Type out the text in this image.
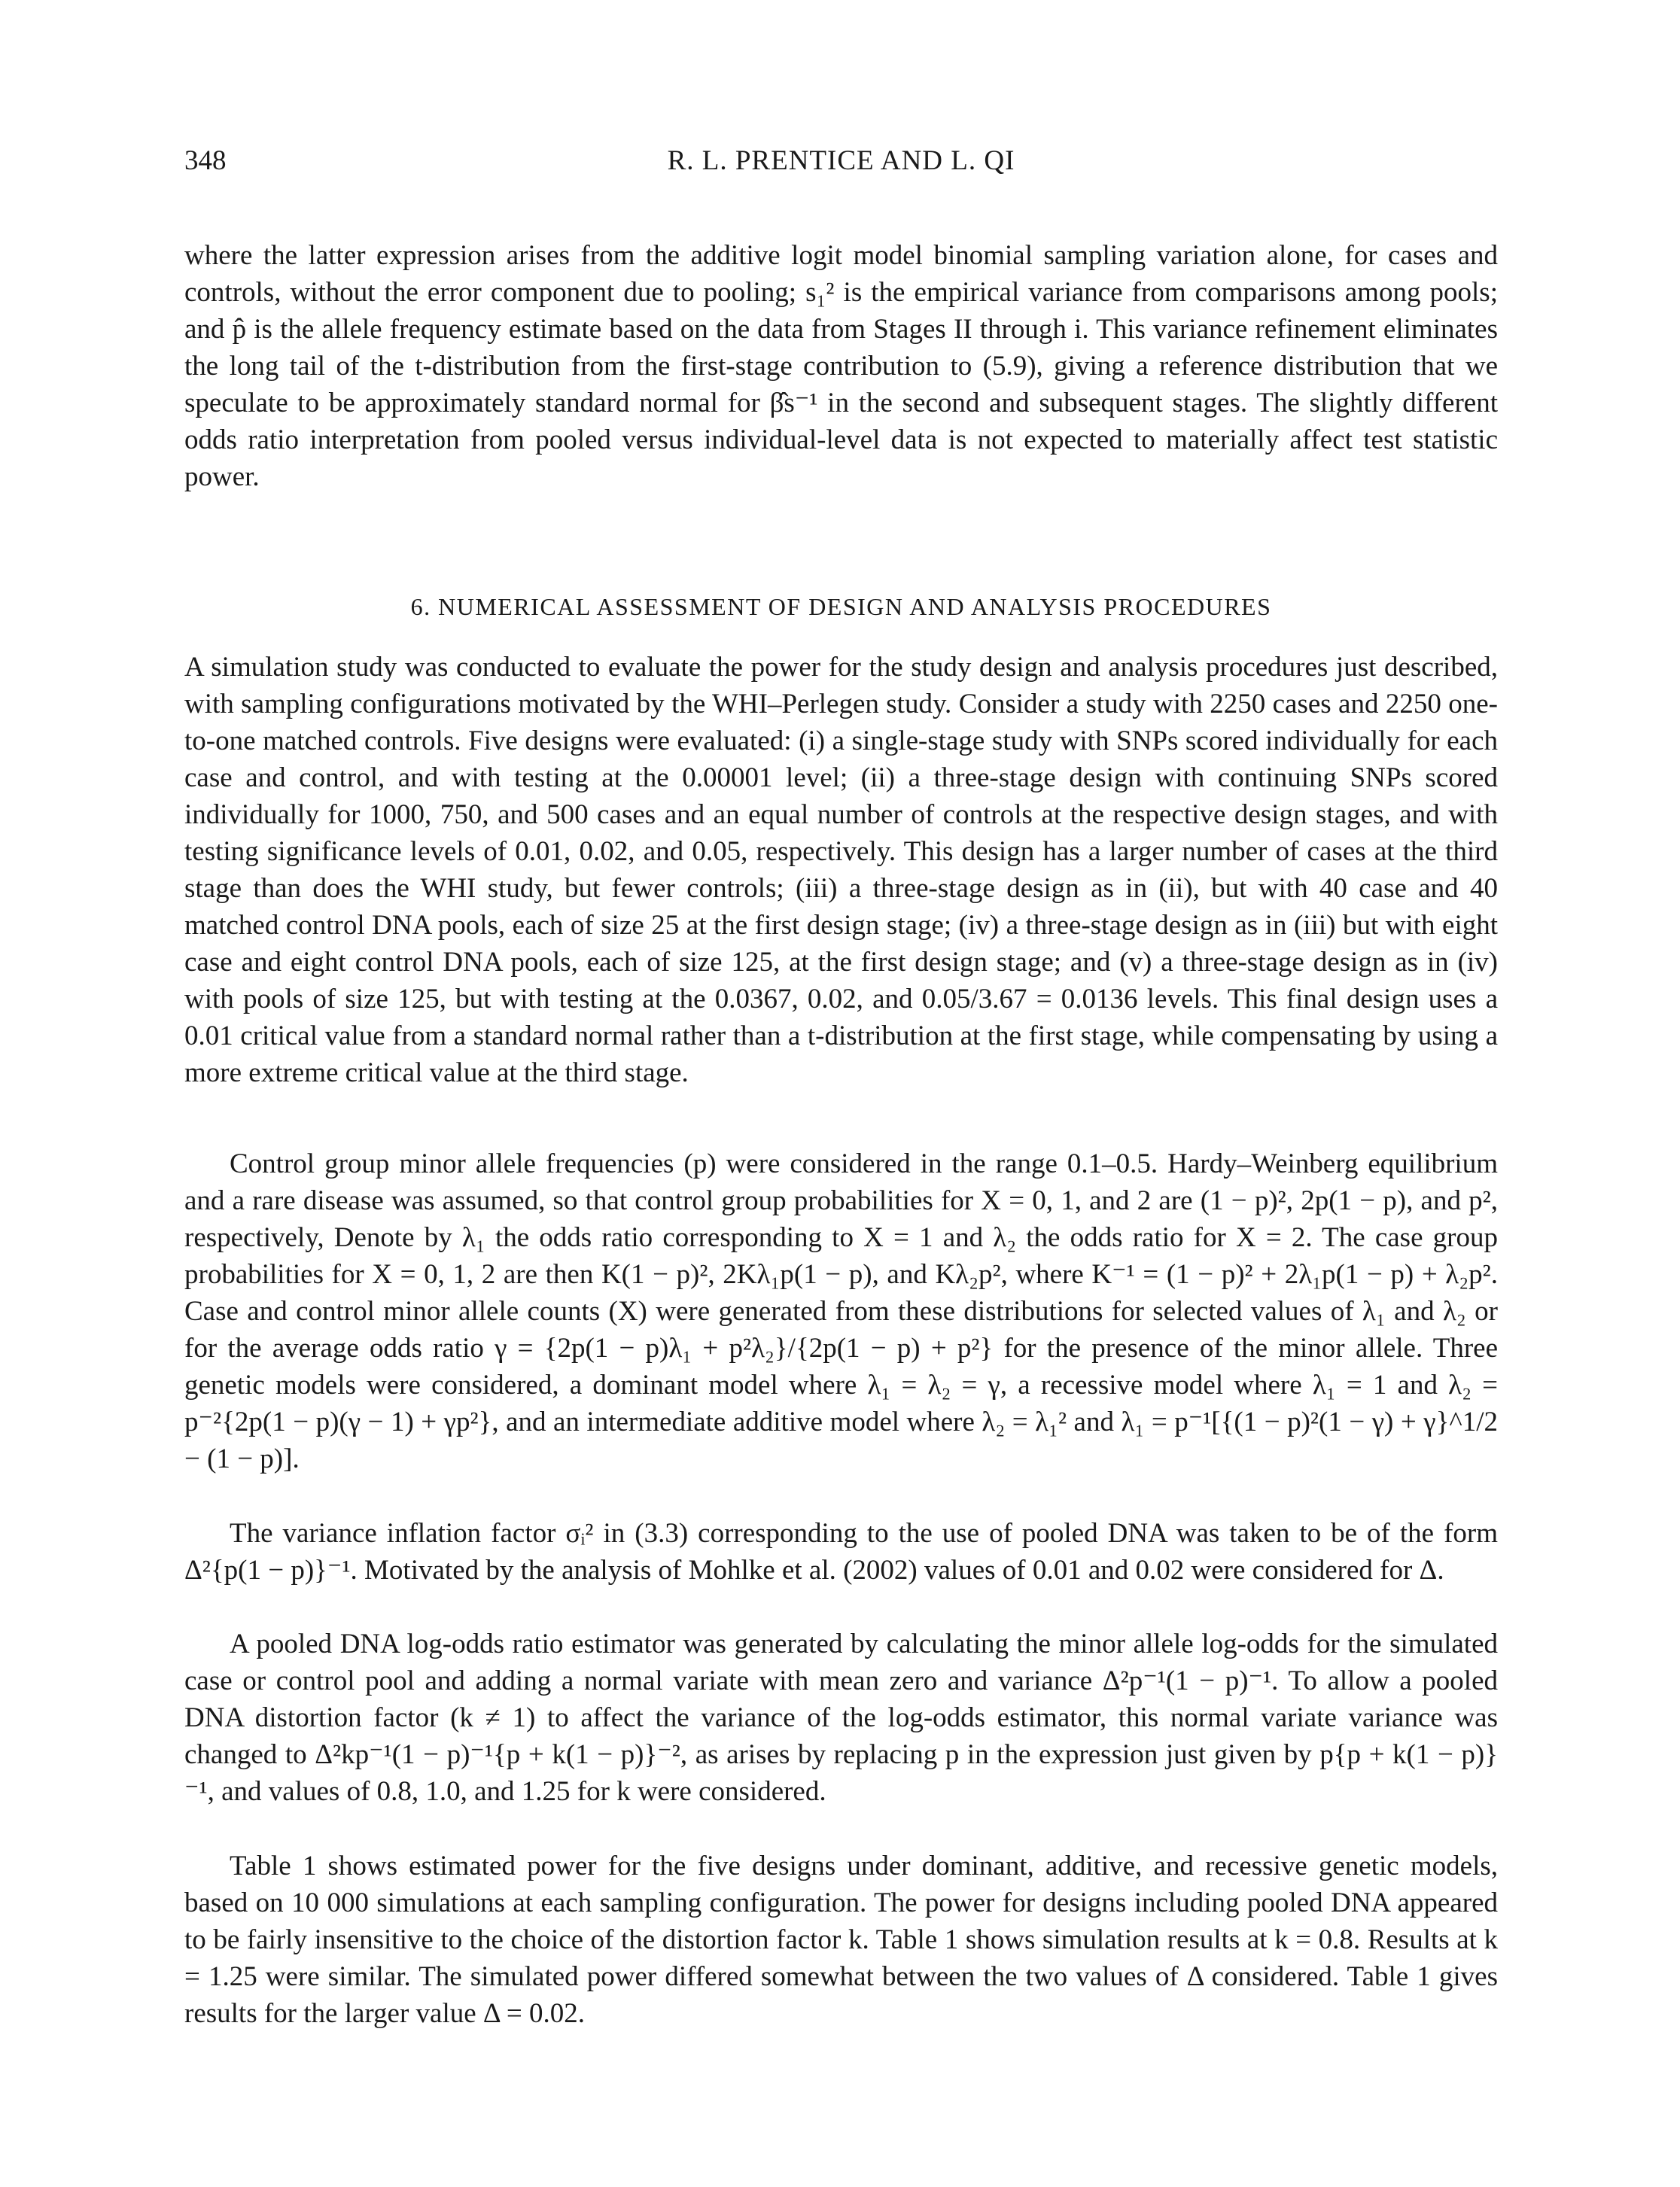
348	R. L. PRENTICE AND L. QI

where the latter expression arises from the additive logit model binomial sampling variation alone, for cases and controls, without the error component due to pooling; s₁² is the empirical variance from comparisons among pools; and p̂ is the allele frequency estimate based on the data from Stages II through i. This variance refinement eliminates the long tail of the t-distribution from the first-stage contribution to (5.9), giving a reference distribution that we speculate to be approximately standard normal for β̂s⁻¹ in the second and subsequent stages. The slightly different odds ratio interpretation from pooled versus individual-level data is not expected to materially affect test statistic power.

6. NUMERICAL ASSESSMENT OF DESIGN AND ANALYSIS PROCEDURES

A simulation study was conducted to evaluate the power for the study design and analysis procedures just described, with sampling configurations motivated by the WHI–Perlegen study. Consider a study with 2250 cases and 2250 one-to-one matched controls. Five designs were evaluated: (i) a single-stage study with SNPs scored individually for each case and control, and with testing at the 0.00001 level; (ii) a three-stage design with continuing SNPs scored individually for 1000, 750, and 500 cases and an equal number of controls at the respective design stages, and with testing significance levels of 0.01, 0.02, and 0.05, respectively. This design has a larger number of cases at the third stage than does the WHI study, but fewer controls; (iii) a three-stage design as in (ii), but with 40 case and 40 matched control DNA pools, each of size 25 at the first design stage; (iv) a three-stage design as in (iii) but with eight case and eight control DNA pools, each of size 125, at the first design stage; and (v) a three-stage design as in (iv) with pools of size 125, but with testing at the 0.0367, 0.02, and 0.05/3.67 = 0.0136 levels. This final design uses a 0.01 critical value from a standard normal rather than a t-distribution at the first stage, while compensating by using a more extreme critical value at the third stage.

Control group minor allele frequencies (p) were considered in the range 0.1–0.5. Hardy–Weinberg equilibrium and a rare disease was assumed, so that control group probabilities for X = 0, 1, and 2 are (1 − p)², 2p(1 − p), and p², respectively, Denote by λ₁ the odds ratio corresponding to X = 1 and λ₂ the odds ratio for X = 2. The case group probabilities for X = 0, 1, 2 are then K(1 − p)², 2Kλ₁p(1 − p), and Kλ₂p², where K⁻¹ = (1 − p)² + 2λ₁p(1 − p) + λ₂p². Case and control minor allele counts (X) were generated from these distributions for selected values of λ₁ and λ₂ or for the average odds ratio γ = {2p(1 − p)λ₁ + p²λ₂}/{2p(1 − p) + p²} for the presence of the minor allele. Three genetic models were considered, a dominant model where λ₁ = λ₂ = γ, a recessive model where λ₁ = 1 and λ₂ = p⁻²{2p(1 − p)(γ − 1) + γp²}, and an intermediate additive model where λ₂ = λ₁² and λ₁ = p⁻¹[{(1 − p)²(1 − γ) + γ}^1/2 − (1 − p)].

The variance inflation factor σᵢ² in (3.3) corresponding to the use of pooled DNA was taken to be of the form Δ²{p(1 − p)}⁻¹. Motivated by the analysis of Mohlke et al. (2002) values of 0.01 and 0.02 were considered for Δ.

A pooled DNA log-odds ratio estimator was generated by calculating the minor allele log-odds for the simulated case or control pool and adding a normal variate with mean zero and variance Δ²p⁻¹(1 − p)⁻¹. To allow a pooled DNA distortion factor (k ≠ 1) to affect the variance of the log-odds estimator, this normal variate variance was changed to Δ²kp⁻¹(1 − p)⁻¹{p + k(1 − p)}⁻², as arises by replacing p in the expression just given by p{p + k(1 − p)}⁻¹, and values of 0.8, 1.0, and 1.25 for k were considered.

Table 1 shows estimated power for the five designs under dominant, additive, and recessive genetic models, based on 10 000 simulations at each sampling configuration. The power for designs including pooled DNA appeared to be fairly insensitive to the choice of the distortion factor k. Table 1 shows simulation results at k = 0.8. Results at k = 1.25 were similar. The simulated power differed somewhat between the two values of Δ considered. Table 1 gives results for the larger value Δ = 0.02.
